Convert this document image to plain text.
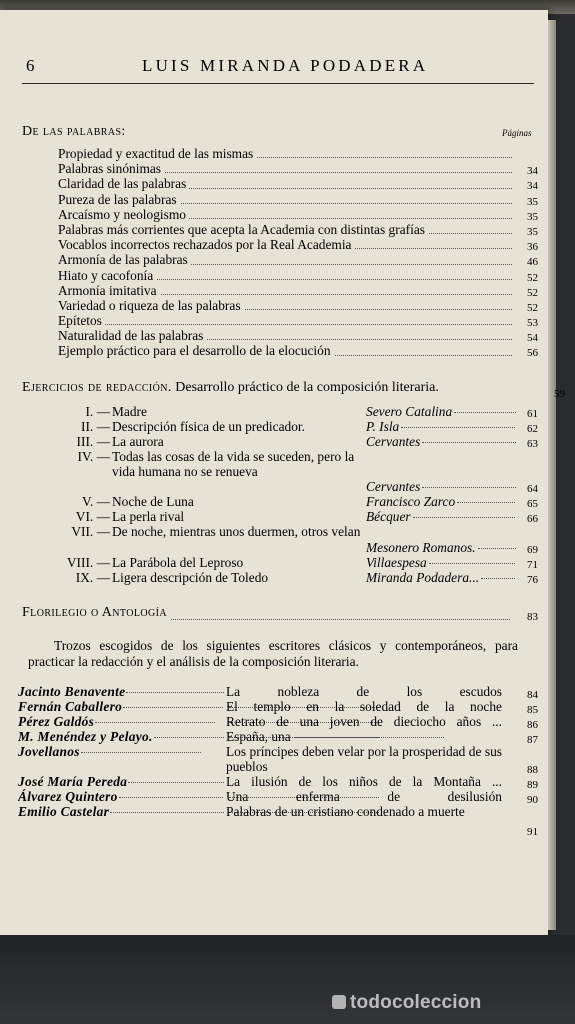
6	LUIS MIRANDA PODADERA
De las palabras:	Páginas
Propiedad y exactitud de las mismas
Palabras sinónimas	34
Claridad de las palabras	34
Pureza de las palabras	35
Arcaísmo y neologismo	35
Palabras más corrientes que acepta la Academia con distintas grafías	35
Vocablos incorrectos rechazados por la Real Academia	36
Armonía de las palabras	46
Hiato y cacofonía	52
Armonía imitativa	52
Variedad o riqueza de las palabras	52
Epítetos	53
Naturalidad de las palabras	54
Ejemplo práctico para el desarrollo de la elocución	56
Ejercicios de redacción. Desarrollo práctico de la composición literaria.	59
I. — Madre	Severo Catalina	61
II. — Descripción física de un predicador.	P. Isla	62
III. — La aurora	Cervantes	63
IV. — Todas las cosas de la vida se suceden, pero la vida humana no se renueva
Cervantes	64
V. — Noche de Luna	Francisco Zarco	65
VI. — La perla rival	Bécquer	66
VII. — De noche, mientras unos duermen, otros velan
Mesonero Romanos.	69
VIII. — La Parábola del Leproso	Villaespesa	71
IX. — Ligera descripción de Toledo	Miranda Podadera...	76
Florilegio o Antología	83
Trozos escogidos de los siguientes escritores clásicos y contemporáneos, para practicar la redacción y el análisis de la composición literaria.
Jacinto Benavente	La nobleza de los escudos 84
Fernán Caballero	El templo en la soledad de la noche 85
Pérez Galdós	Retrato de una joven de dieciocho años ... 86
M. Menéndez y Pelayo.	España, una	87
Jovellanos	Los príncipes deben velar por la prosperidad de sus pueblos	88
José María Pereda	La ilusión de los niños de la Montaña ... 89
Álvarez Quintero	Una enferma de desilusión 90
Emilio Castelar	Palabras de un cristiano condenado a muerte
91
todocoleccion
